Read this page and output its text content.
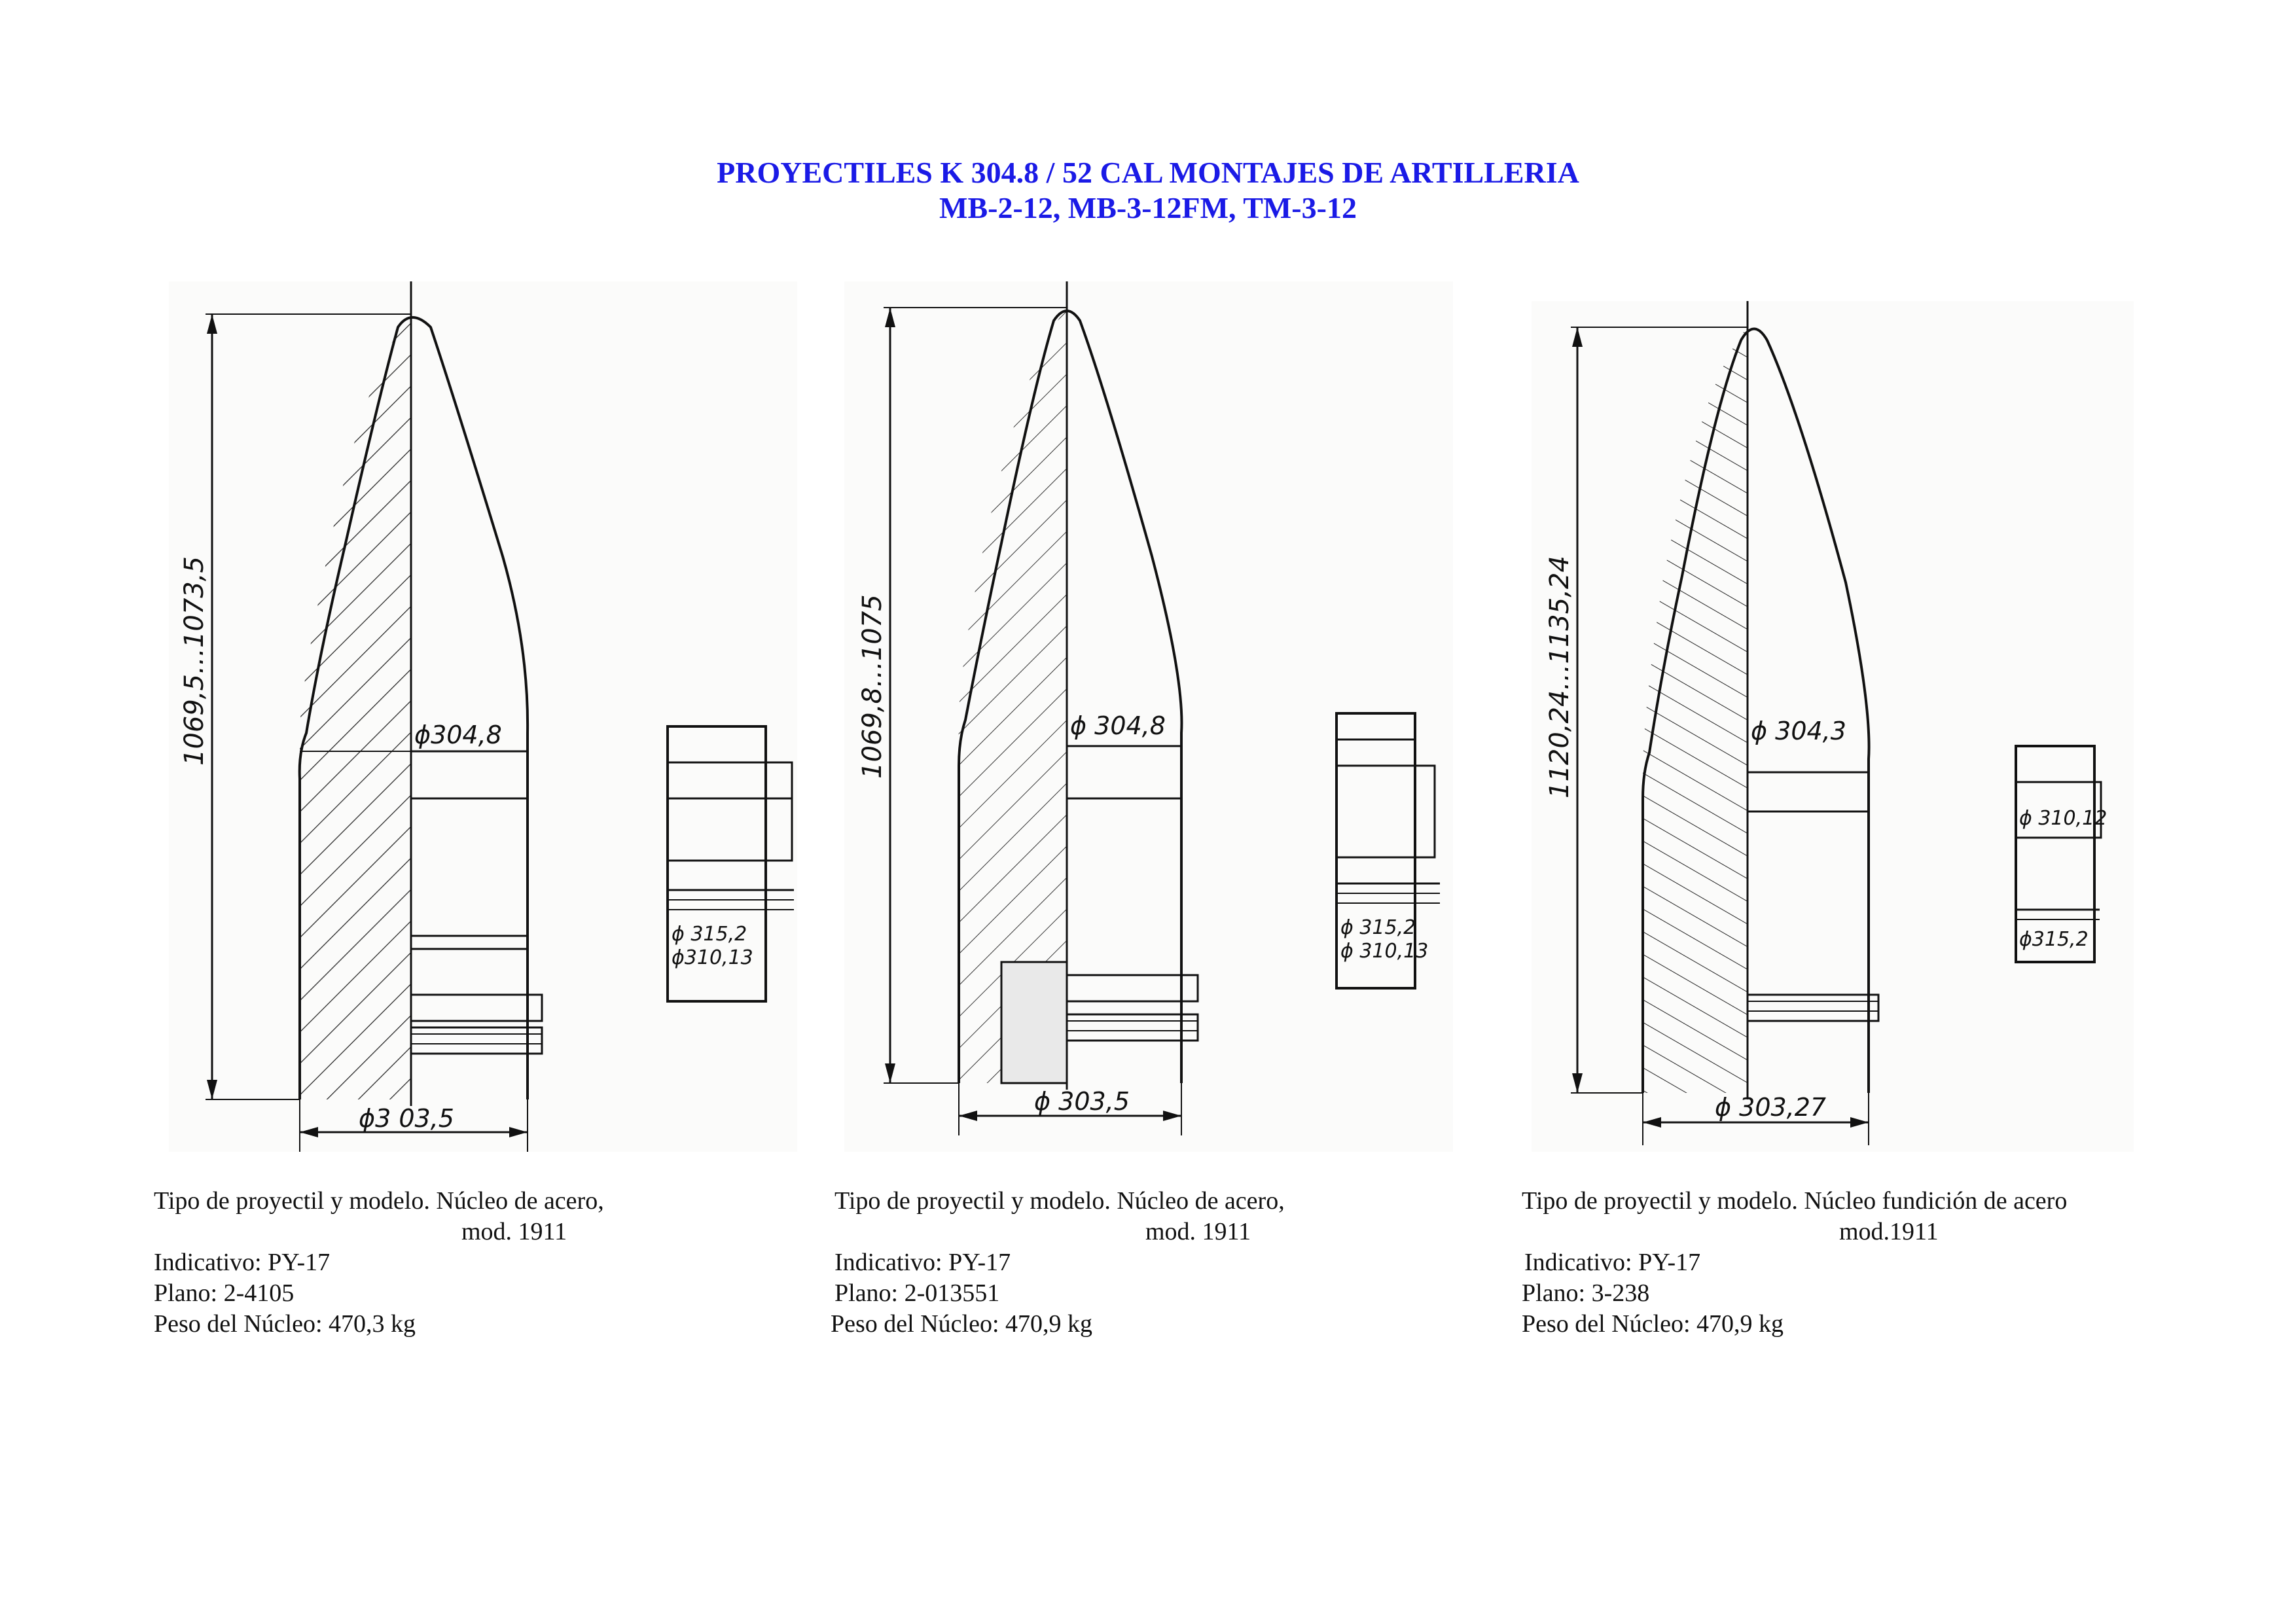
PROYECTILES K 304.8 / 52 CAL MONTAJES DE ARTILLERIA
MB-2-12, MB-3-12FM, TM-3-12
1069,5…1073,5	ϕ304,8
ϕ3 03,5
ϕ 315,2
ϕ310,13
1069,8…1075	ϕ 304,8
ϕ 303,5
ϕ 315,2
ϕ 310,13
1120,24…1135,24	ϕ 304,3
ϕ 303,27
ϕ 310,12
ϕ315,2
Tipo de proyectil y modelo. Núcleo de acero,
mod. 1911
Indicativo: PY-17
Plano: 2-4105
Peso del Núcleo: 470,3 kg
Tipo de proyectil y modelo. Núcleo de acero,
mod. 1911
Indicativo: PY-17
Plano: 2-013551
Peso del Núcleo: 470,9 kg
Tipo de proyectil y modelo. Núcleo fundición de acero
mod.1911
Indicativo: PY-17
Plano: 3-238
Peso del Núcleo: 470,9 kg
